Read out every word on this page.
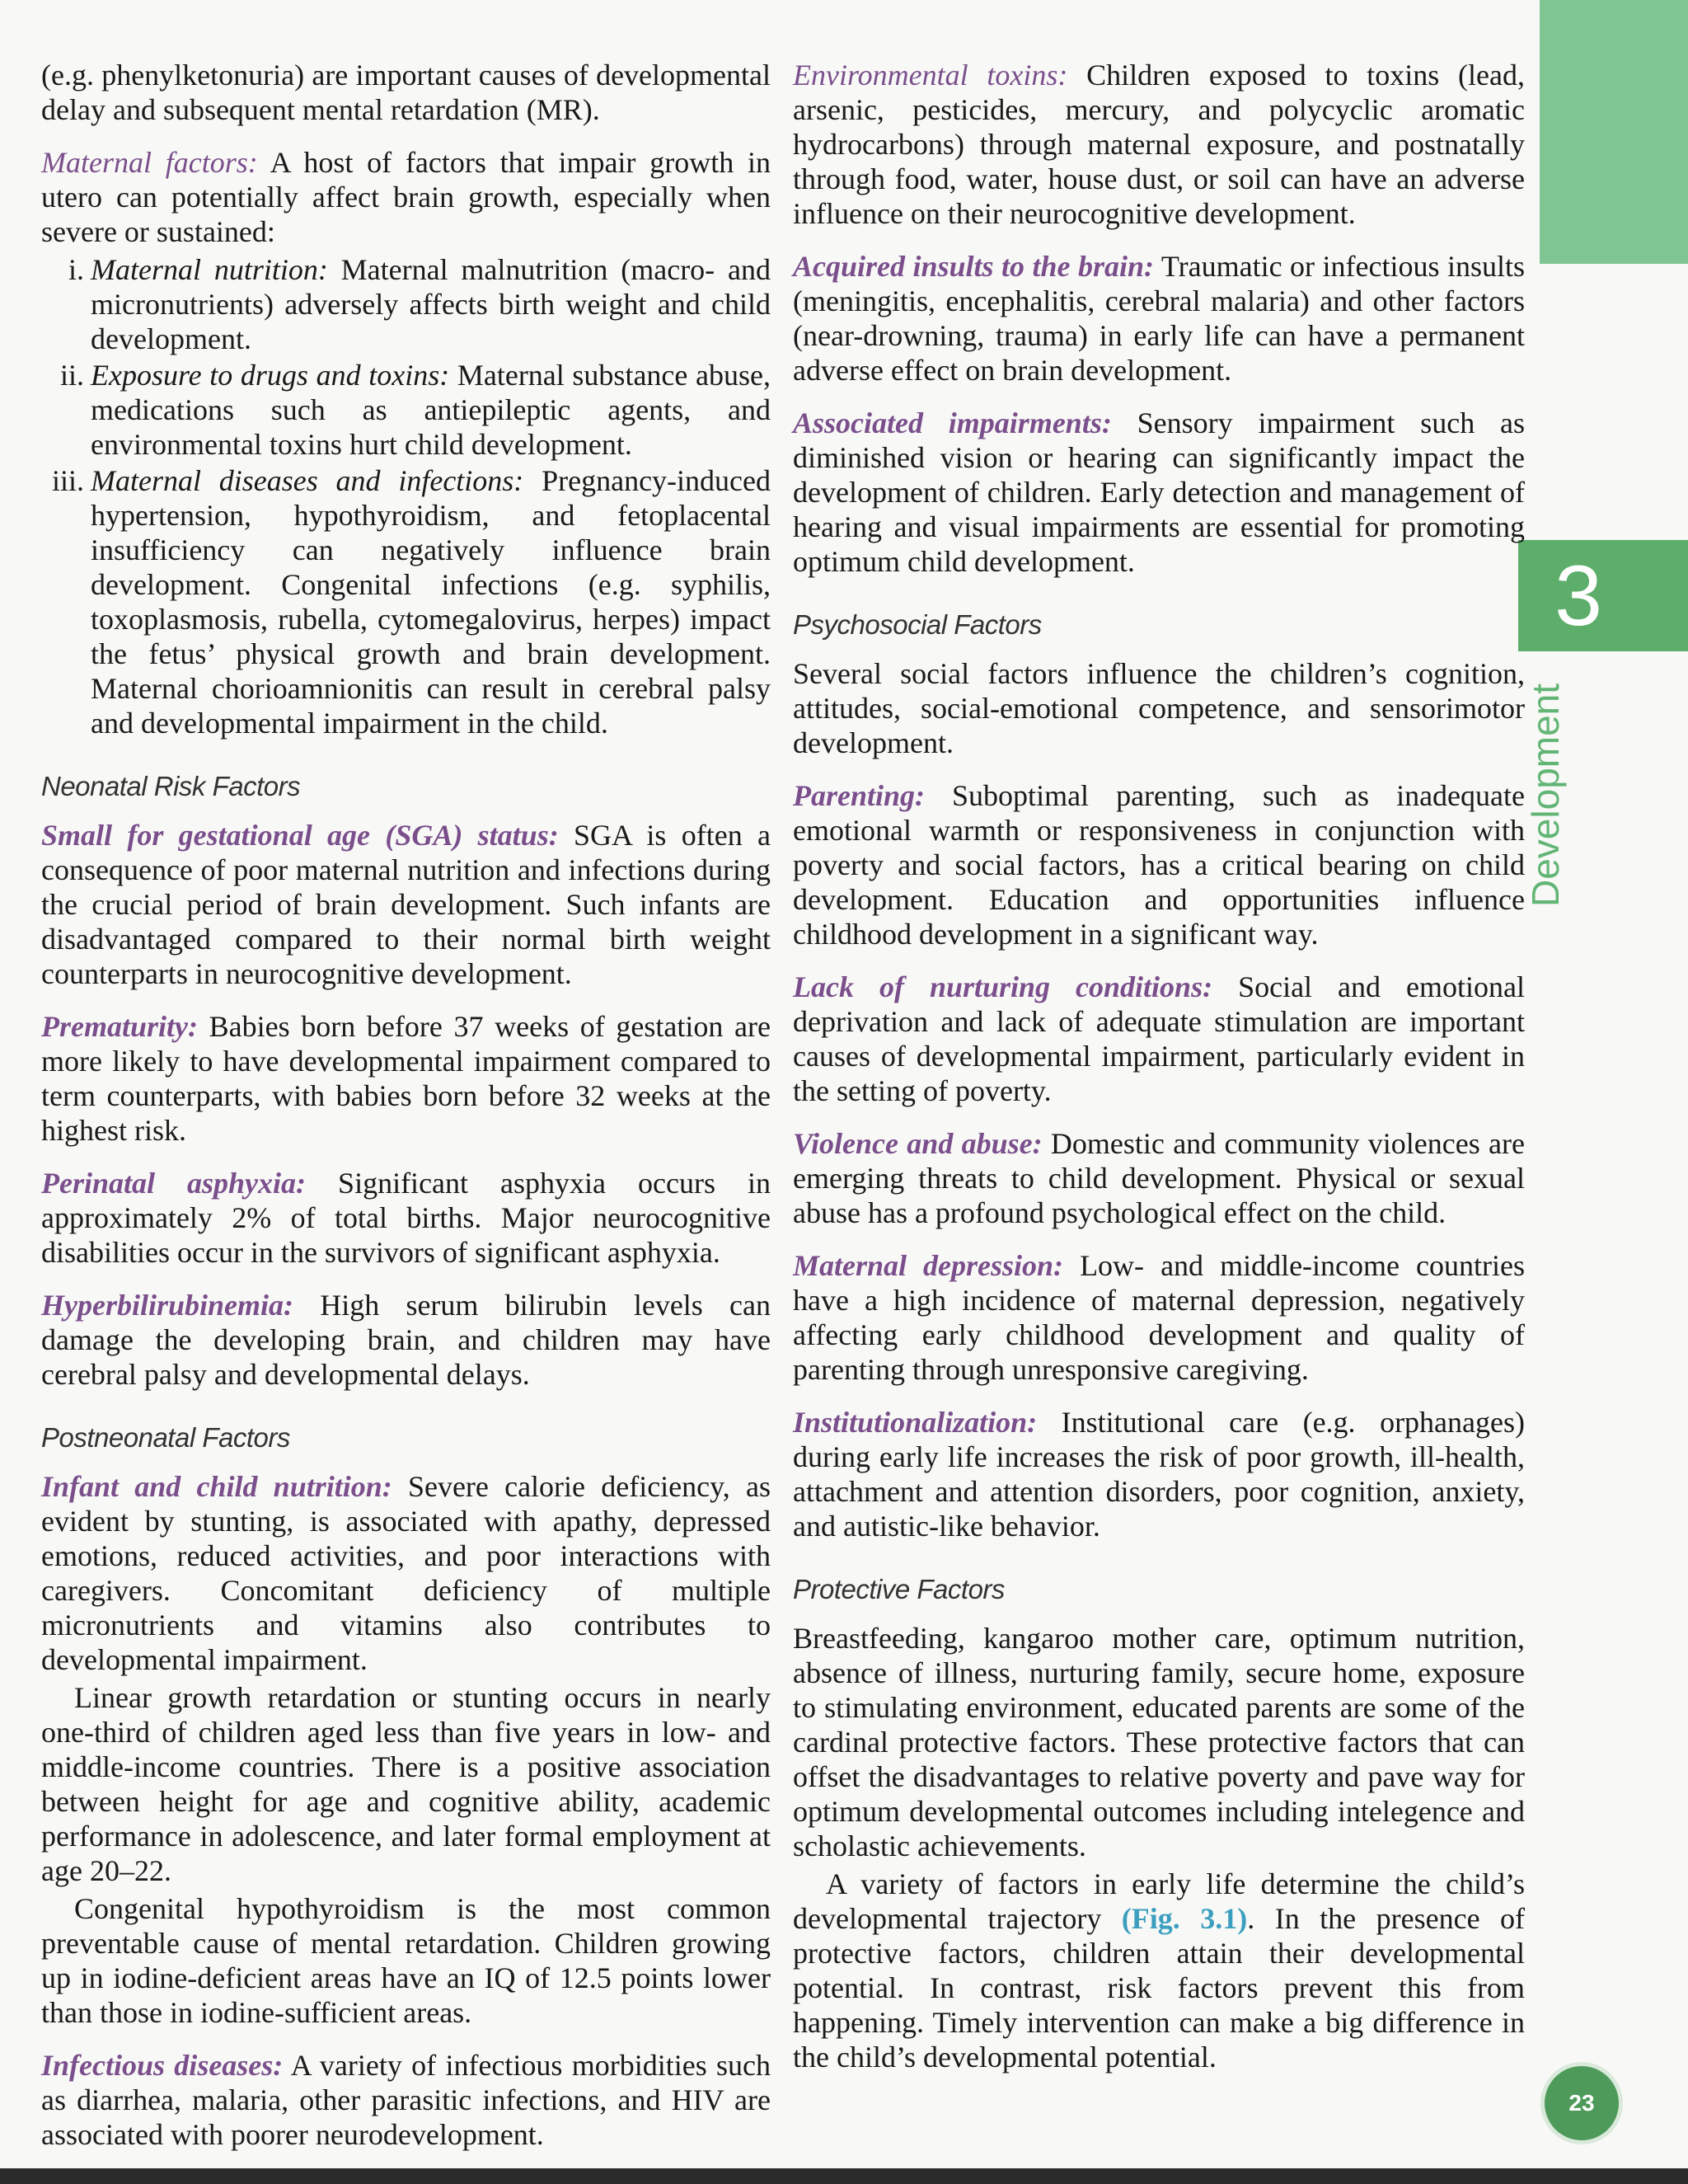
3
Development

(e.g. phenylketonuria) are important causes of developmental delay and subsequent mental retardation (MR).

Maternal factors: A host of factors that impair growth in utero can potentially affect brain growth, especially when severe or sustained:

i. Maternal nutrition: Maternal malnutrition (macro- and micronutrients) adversely affects birth weight and child development.
ii. Exposure to drugs and toxins: Maternal substance abuse, medications such as antiepileptic agents, and environmental toxins hurt child development.
iii. Maternal diseases and infections: Pregnancy-induced hypertension, hypothyroidism, and fetoplacental insufficiency can negatively influence brain development. Congenital infections (e.g. syphilis, toxoplasmosis, rubella, cytomegalovirus, herpes) impact the fetus’ physical growth and brain development. Maternal chorioamnionitis can result in cerebral palsy and developmental impairment in the child.
Neonatal Risk Factors

Small for gestational age (SGA) status: SGA is often a consequence of poor maternal nutrition and infections during the crucial period of brain development. Such infants are disadvantaged compared to their normal birth weight counterparts in neurocognitive development.

Prematurity: Babies born before 37 weeks of gestation are more likely to have developmental impairment compared to term counterparts, with babies born before 32 weeks at the highest risk.

Perinatal asphyxia: Significant asphyxia occurs in approximately 2% of total births. Major neurocognitive disabilities occur in the survivors of significant asphyxia.

Hyperbilirubinemia: High serum bilirubin levels can damage the developing brain, and children may have cerebral palsy and developmental delays.

Postneonatal Factors

Infant and child nutrition: Severe calorie deficiency, as evident by stunting, is associated with apathy, depressed emotions, reduced activities, and poor interactions with caregivers. Concomitant deficiency of multiple micronutrients and vitamins also contributes to developmental impairment.

Linear growth retardation or stunting occurs in nearly one-third of children aged less than five years in low- and middle-income countries. There is a positive association between height for age and cognitive ability, academic performance in adolescence, and later formal employment at age 20–22.

Congenital hypothyroidism is the most common preventable cause of mental retardation. Children growing up in iodine-deficient areas have an IQ of 12.5 points lower than those in iodine-sufficient areas.

Infectious diseases: A variety of infectious morbidities such as diarrhea, malaria, other parasitic infections, and HIV are associated with poorer neurodevelopment.

Environmental toxins: Children exposed to toxins (lead, arsenic, pesticides, mercury, and polycyclic aromatic hydrocarbons) through maternal exposure, and postnatally through food, water, house dust, or soil can have an adverse influence on their neurocognitive development.

Acquired insults to the brain: Traumatic or infectious insults (meningitis, encephalitis, cerebral malaria) and other factors (near-drowning, trauma) in early life can have a permanent adverse effect on brain development.

Associated impairments: Sensory impairment such as diminished vision or hearing can significantly impact the development of children. Early detection and management of hearing and visual impairments are essential for promoting optimum child development.

Psychosocial Factors

Several social factors influence the children’s cognition, attitudes, social-emotional competence, and sensorimotor development.

Parenting: Suboptimal parenting, such as inadequate emotional warmth or responsiveness in conjunction with poverty and social factors, has a critical bearing on child development. Education and opportunities influence childhood development in a significant way.

Lack of nurturing conditions: Social and emotional deprivation and lack of adequate stimulation are important causes of developmental impairment, particularly evident in the setting of poverty.

Violence and abuse: Domestic and community violences are emerging threats to child development. Physical or sexual abuse has a profound psychological effect on the child.

Maternal depression: Low- and middle-income countries have a high incidence of maternal depression, negatively affecting early childhood development and quality of parenting through unresponsive caregiving.

Institutionalization: Institutional care (e.g. orphanages) during early life increases the risk of poor growth, ill-health, attachment and attention disorders, poor cognition, anxiety, and autistic-like behavior.

Protective Factors

Breastfeeding, kangaroo mother care, optimum nutrition, absence of illness, nurturing family, secure home, exposure to stimulating environment, educated parents are some of the cardinal protective factors. These protective factors that can offset the disadvantages to relative poverty and pave way for optimum developmental outcomes including intelegence and scholastic achievements.

A variety of factors in early life determine the child’s developmental trajectory (Fig. 3.1). In the presence of protective factors, children attain their developmental potential. In contrast, risk factors prevent this from happening. Timely intervention can make a big difference in the child’s developmental potential.

23
